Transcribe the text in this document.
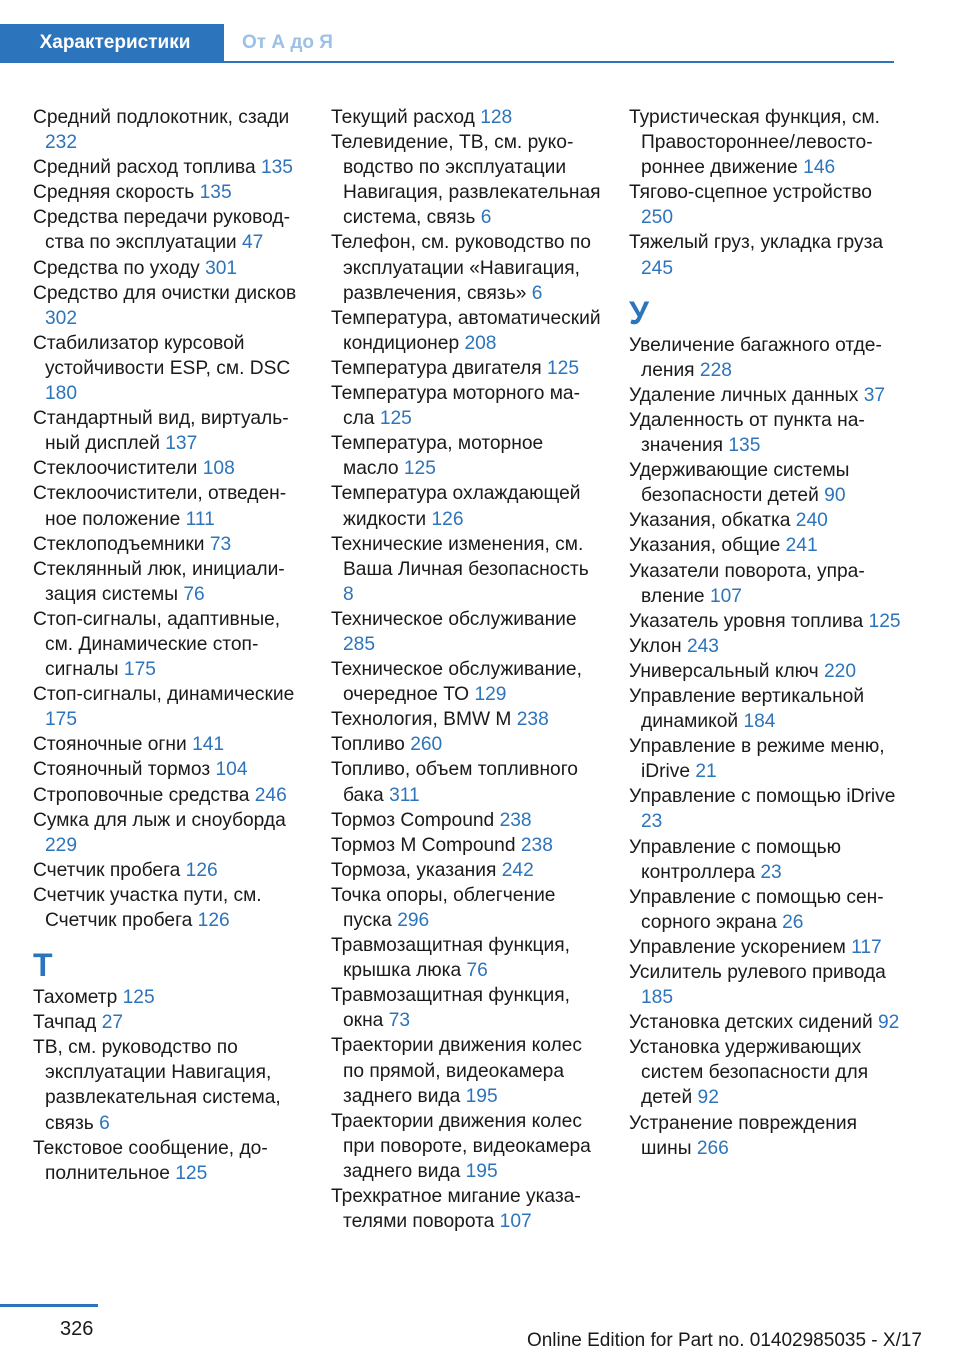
Характеристики	От А до Я

Средний подлокотник, сзади 232

Средний расход топлива 135

Средняя скорость 135

Средства передачи руководства по эксплуатации 47

Средства по уходу 301

Средство для очистки дисков 302

Стабилизатор курсовой устойчивости ESP, см. DSC 180

Стандартный вид, виртуальный дисплей 137

Стеклоочистители 108

Стеклоочистители, отведенное положение 111

Стеклоподъемники 73

Стеклянный люк, инициализация системы 76

Стоп-сигналы, адаптивные, см. Динамические стоп-сигналы 175

Стоп-сигналы, динамические 175

Стояночные огни 141

Стояночный тормоз 104

Строповочные средства 246

Сумка для лыж и сноуборда 229

Счетчик пробега 126

Счетчик участка пути, см. Счетчик пробега 126

Т

Тахометр 125

Тачпад 27

ТВ, см. руководство по эксплуатации Навигация, развлекательная система, связь 6

Текстовое сообщение, дополнительное 125

Текущий расход 128

Телевидение, ТВ, см. руководство по эксплуатации Навигация, развлекательная система, связь 6

Телефон, см. руководство по эксплуатации «Навигация, развлечения, связь» 6

Температура, автоматический кондиционер 208

Температура двигателя 125

Температура моторного масла 125

Температура, моторное масло 125

Температура охлаждающей жидкости 126

Технические изменения, см. Ваша Личная безопасность 8

Техническое обслуживание 285

Техническое обслуживание, очередное ТО 129

Технология, BMW M 238

Топливо 260

Топливо, объем топливного бака 311

Тормоз Compound 238

Тормоз M Compound 238

Тормоза, указания 242

Точка опоры, облегчение пуска 296

Травмозащитная функция, крышка люка 76

Травмозащитная функция, окна 73

Траектории движения колес по прямой, видеокамера заднего вида 195

Траектории движения колес при повороте, видеокамера заднего вида 195

Трехкратное мигание указателями поворота 107

Туристическая функция, см. Правостороннее/левостороннее движение 146

Тягово-сцепное устройство 250

Тяжелый груз, укладка груза 245

У

Увеличение багажного отделения 228

Удаление личных данных 37

Удаленность от пункта назначения 135

Удерживающие системы безопасности детей 90

Указания, обкатка 240

Указания, общие 241

Указатели поворота, управление 107

Указатель уровня топлива 125

Уклон 243

Универсальный ключ 220

Управление вертикальной динамикой 184

Управление в режиме меню, iDrive 21

Управление с помощью iDrive 23

Управление с помощью контроллера 23

Управление с помощью сенсорного экрана 26

Управление ускорением 117

Усилитель рулевого привода 185

Установка детских сидений 92

Установка удерживающих систем безопасности для детей 92

Устранение повреждения шины 266

326
Online Edition for Part no. 01402985035 - X/17
